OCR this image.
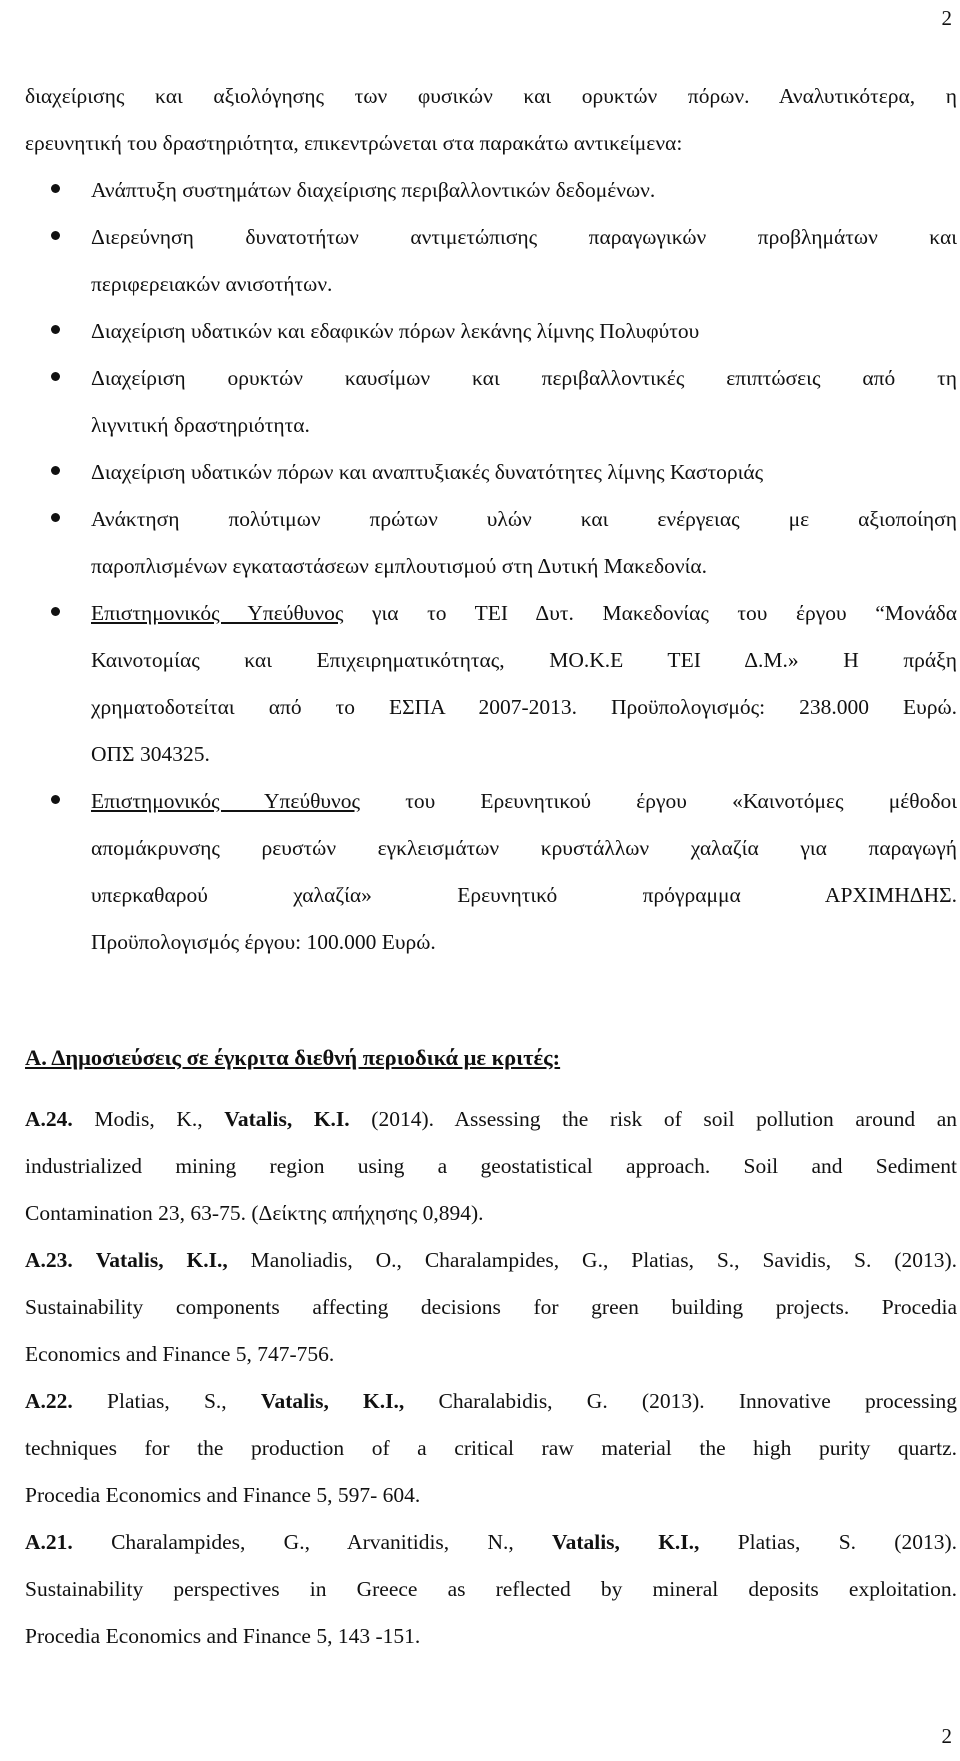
2
διαχείρισης και αξιολόγησης των φυσικών και ορυκτών πόρων. Αναλυτικότερα, η
ερευνητική του δραστηριότητα, επικεντρώνεται στα παρακάτω αντικείμενα:
Ανάπτυξη συστημάτων διαχείρισης περιβαλλοντικών δεδομένων.
Διερεύνηση δυνατοτήτων αντιμετώπισης παραγωγικών προβλημάτων και
περιφερειακών ανισοτήτων.
Διαχείριση υδατικών και εδαφικών πόρων λεκάνης λίμνης Πολυφύτου
Διαχείριση ορυκτών καυσίμων και περιβαλλοντικές επιπτώσεις από τη
λιγνιτική δραστηριότητα.
Διαχείριση υδατικών πόρων και αναπτυξιακές δυνατότητες λίμνης Καστοριάς
Ανάκτηση πολύτιμων πρώτων υλών και ενέργειας με αξιοποίηση
παροπλισμένων εγκαταστάσεων εμπλουτισμού στη Δυτική Μακεδονία.
Επιστημονικός Υπεύθυνος για το ΤΕΙ Δυτ. Μακεδονίας του έργου “Μονάδα
Καινοτομίας και Επιχειρηματικότητας, ΜΟ.Κ.Ε ΤΕΙ Δ.Μ.» Η πράξη
χρηματοδοτείται από το ΕΣΠΑ 2007-2013. Προϋπολογισμός: 238.000 Ευρώ.
ΟΠΣ 304325.
Επιστημονικός Υπεύθυνος του Ερευνητικού έργου «Καινοτόμες μέθοδοι
απομάκρυνσης ρευστών εγκλεισμάτων κρυστάλλων χαλαζία για παραγωγή
υπερκαθαρού χαλαζία» Ερευνητικό πρόγραμμα ΑΡΧΙΜΗΔΗΣ.
Προϋπολογισμός έργου: 100.000 Ευρώ.
Α. Δημοσιεύσεις σε έγκριτα διεθνή περιοδικά με κριτές:
A.24. Modis, K., Vatalis, K.I. (2014). Assessing the risk of soil pollution around an
industrialized mining region using a geostatistical approach. Soil and Sediment
Contamination 23, 63-75. (Δείκτης απήχησης 0,894).
A.23. Vatalis, K.I., Manoliadis, O., Charalampides, G., Platias, S., Savidis, S. (2013).
Sustainability components affecting decisions for green building projects. Procedia
Economics and Finance 5, 747-756.
A.22. Platias, S., Vatalis, K.I., Charalabidis, G. (2013). Innovative processing
techniques for the production of a critical raw material the high purity quartz.
Procedia Economics and Finance 5, 597- 604.
A.21. Charalampides, G., Arvanitidis, N., Vatalis, K.I., Platias, S. (2013).
Sustainability perspectives in Greece as reflected by mineral deposits exploitation.
Procedia Economics and Finance 5, 143 -151.
2
